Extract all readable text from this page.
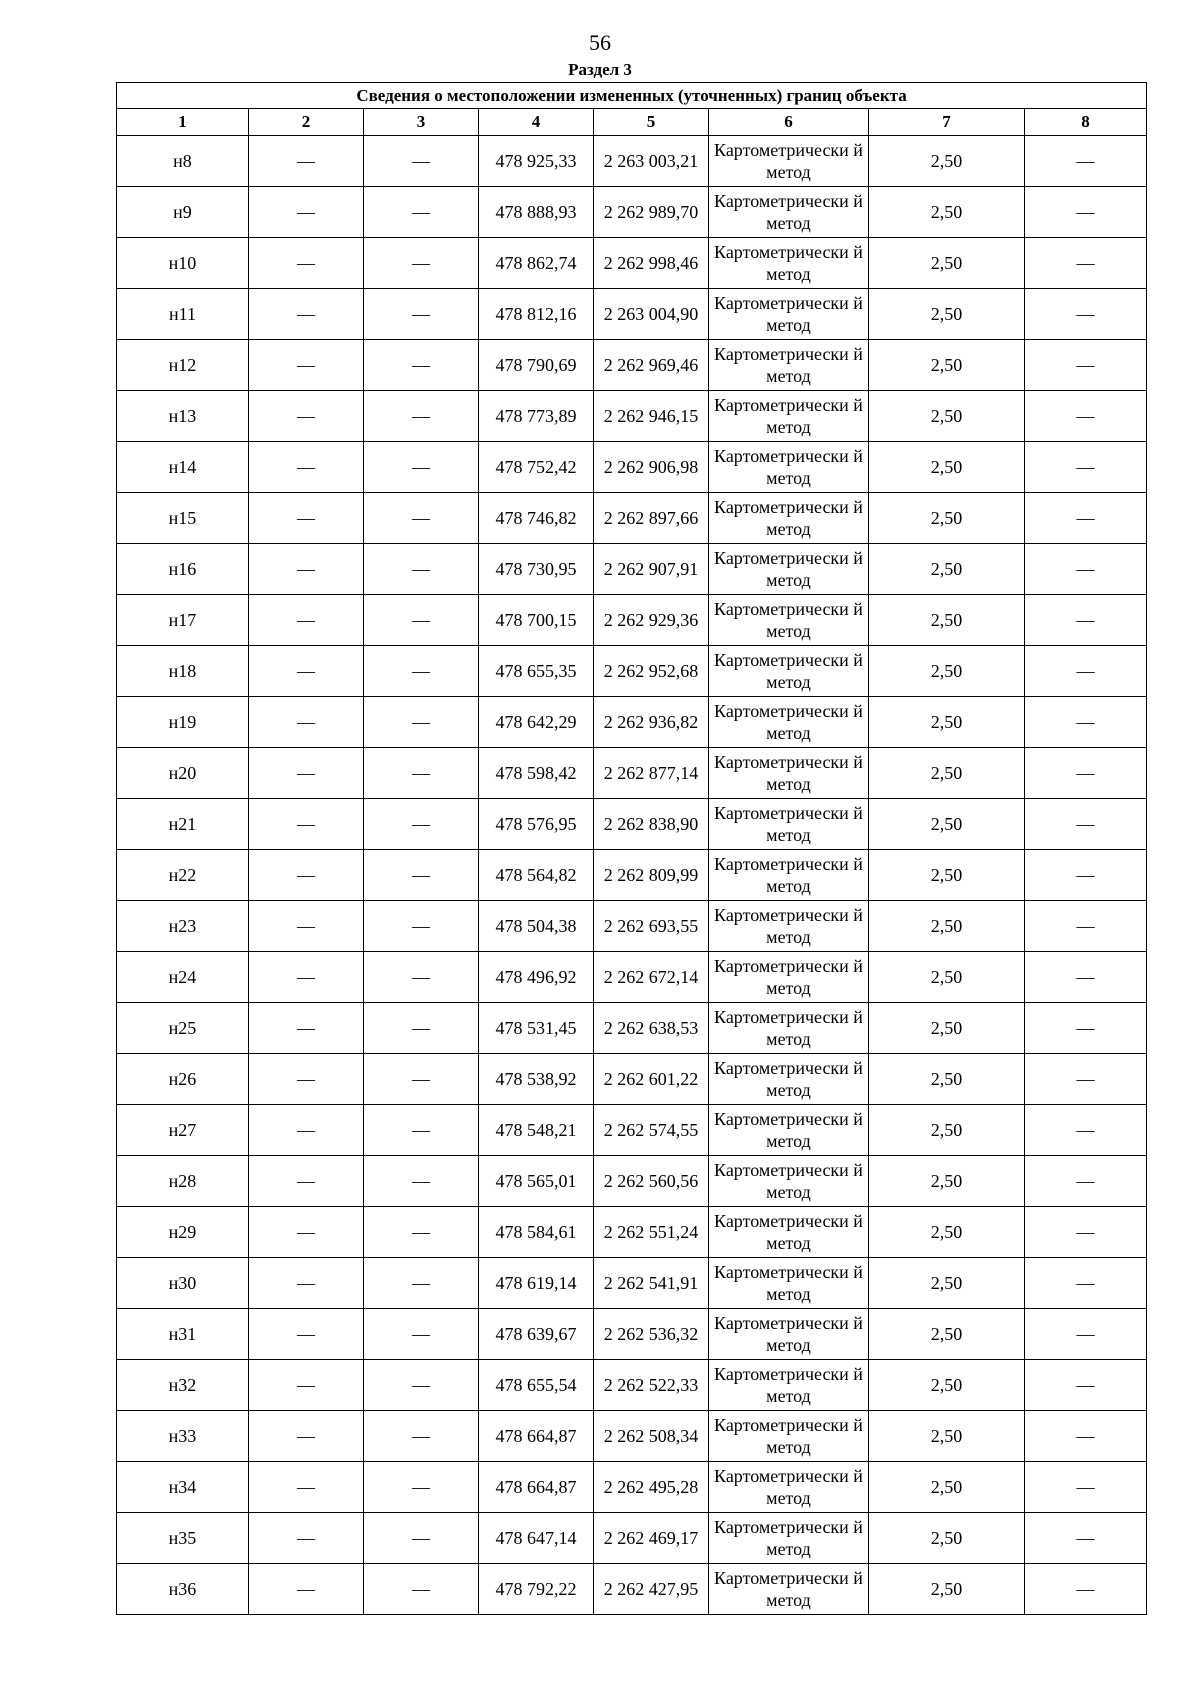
56
Раздел 3
Сведения о местоположении измененных (уточненных) границ объекта							
1	2	3	4	5	6	7	8
н8	—	—	478 925,33	2 263 003,21	Картометрически й метод	2,50	—
н9	—	—	478 888,93	2 262 989,70	Картометрически й метод	2,50	—
н10	—	—	478 862,74	2 262 998,46	Картометрически й метод	2,50	—
н11	—	—	478 812,16	2 263 004,90	Картометрически й метод	2,50	—
н12	—	—	478 790,69	2 262 969,46	Картометрически й метод	2,50	—
н13	—	—	478 773,89	2 262 946,15	Картометрически й метод	2,50	—
н14	—	—	478 752,42	2 262 906,98	Картометрически й метод	2,50	—
н15	—	—	478 746,82	2 262 897,66	Картометрически й метод	2,50	—
н16	—	—	478 730,95	2 262 907,91	Картометрически й метод	2,50	—
н17	—	—	478 700,15	2 262 929,36	Картометрически й метод	2,50	—
н18	—	—	478 655,35	2 262 952,68	Картометрически й метод	2,50	—
н19	—	—	478 642,29	2 262 936,82	Картометрически й метод	2,50	—
н20	—	—	478 598,42	2 262 877,14	Картометрически й метод	2,50	—
н21	—	—	478 576,95	2 262 838,90	Картометрически й метод	2,50	—
н22	—	—	478 564,82	2 262 809,99	Картометрически й метод	2,50	—
н23	—	—	478 504,38	2 262 693,55	Картометрически й метод	2,50	—
н24	—	—	478 496,92	2 262 672,14	Картометрически й метод	2,50	—
н25	—	—	478 531,45	2 262 638,53	Картометрически й метод	2,50	—
н26	—	—	478 538,92	2 262 601,22	Картометрически й метод	2,50	—
н27	—	—	478 548,21	2 262 574,55	Картометрически й метод	2,50	—
н28	—	—	478 565,01	2 262 560,56	Картометрически й метод	2,50	—
н29	—	—	478 584,61	2 262 551,24	Картометрически й метод	2,50	—
н30	—	—	478 619,14	2 262 541,91	Картометрически й метод	2,50	—
н31	—	—	478 639,67	2 262 536,32	Картометрически й метод	2,50	—
н32	—	—	478 655,54	2 262 522,33	Картометрически й метод	2,50	—
н33	—	—	478 664,87	2 262 508,34	Картометрически й метод	2,50	—
н34	—	—	478 664,87	2 262 495,28	Картометрически й метод	2,50	—
н35	—	—	478 647,14	2 262 469,17	Картометрически й метод	2,50	—
н36	—	—	478 792,22	2 262 427,95	Картометрически й метод	2,50	—
